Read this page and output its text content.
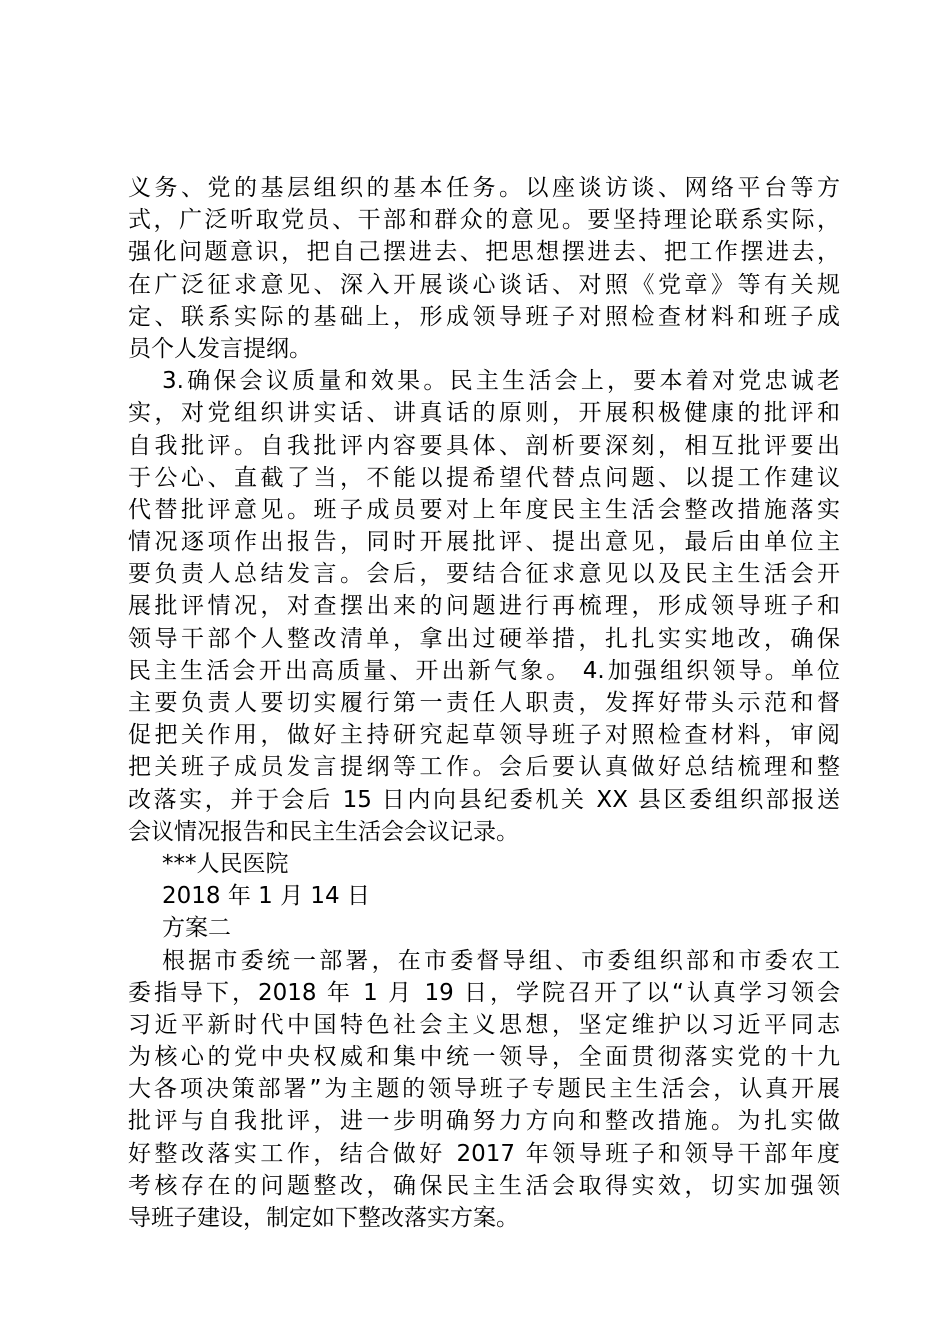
义务、党的基层组织的基本任务。以座谈访谈、网络平台等方
式，广泛听取党员、干部和群众的意见。要坚持理论联系实际，
强化问题意识，把自己摆进去、把思想摆进去、把工作摆进去，
在广泛征求意见、深入开展谈心谈话、对照《党章》等有关规
定、联系实际的基础上，形成领导班子对照检查材料和班子成
员个人发言提纲。
3.确保会议质量和效果。民主生活会上，要本着对党忠诚老
实，对党组织讲实话、讲真话的原则，开展积极健康的批评和
自我批评。自我批评内容要具体、剖析要深刻，相互批评要出
于公心、直截了当，不能以提希望代替点问题、以提工作建议
代替批评意见。班子成员要对上年度民主生活会整改措施落实
情况逐项作出报告，同时开展批评、提出意见，最后由单位主
要负责人总结发言。会后，要结合征求意见以及民主生活会开
展批评情况，对查摆出来的问题进行再梳理，形成领导班子和
领导干部个人整改清单，拿出过硬举措，扎扎实实地改，确保
民主生活会开出高质量、开出新气象。 4.加强组织领导。单位
主要负责人要切实履行第一责任人职责，发挥好带头示范和督
促把关作用，做好主持研究起草领导班子对照检查材料，审阅
把关班子成员发言提纲等工作。会后要认真做好总结梳理和整
改落实，并于会后 15 日内向县纪委机关 XX 县区委组织部报送
会议情况报告和民主生活会会议记录。
***人民医院
2018 年 1 月 14 日
方案二
根据市委统一部署，在市委督导组、市委组织部和市委农工
委指导下，2018 年 1 月 19 日，学院召开了以“认真学习领会
习近平新时代中国特色社会主义思想，坚定维护以习近平同志
为核心的党中央权威和集中统一领导，全面贯彻落实党的十九
大各项决策部署”为主题的领导班子专题民主生活会，认真开展
批评与自我批评，进一步明确努力方向和整改措施。为扎实做
好整改落实工作，结合做好 2017 年领导班子和领导干部年度
考核存在的问题整改，确保民主生活会取得实效，切实加强领
导班子建设，制定如下整改落实方案。
